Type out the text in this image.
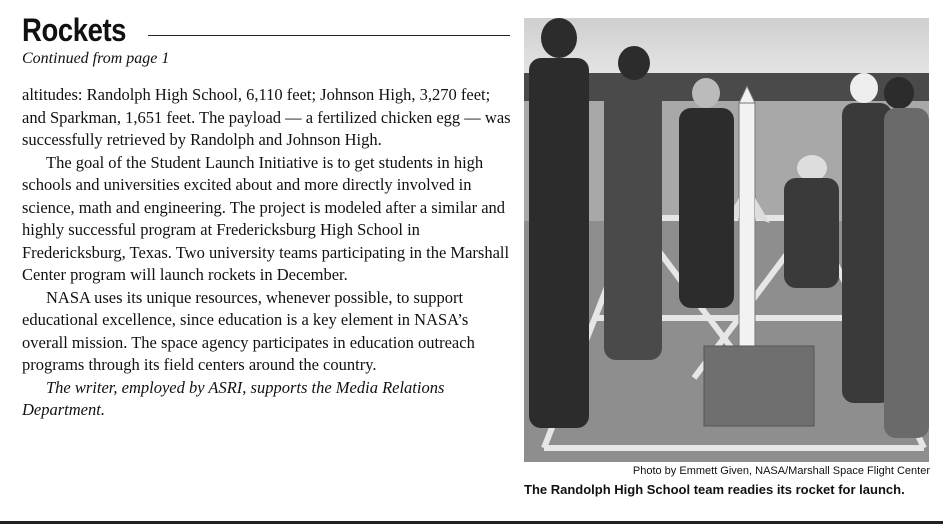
Rockets
Continued from page 1

altitudes: Randolph High School, 6,110 feet; Johnson High, 3,270 feet; and Sparkman, 1,651 feet. The payload — a fertilized chicken egg — was successfully retrieved by Randolph and Johnson High.

The goal of the Student Launch Initiative is to get students in high schools and universities excited about and more directly involved in science, math and engineering. The project is modeled after a similar and highly successful program at Fredericksburg High School in Fredericksburg, Texas. Two university teams participating in the Marshall Center program will launch rockets in December.

NASA uses its unique resources, whenever possible, to support educational excellence, since education is a key element in NASA’s overall mission. The space agency participates in education outreach programs through its field centers around the country.

The writer, employed by ASRI, supports the Media Relations Department.

Photo by Emmett Given, NASA/Marshall Space Flight Center
The Randolph High School team readies its rocket for launch.
